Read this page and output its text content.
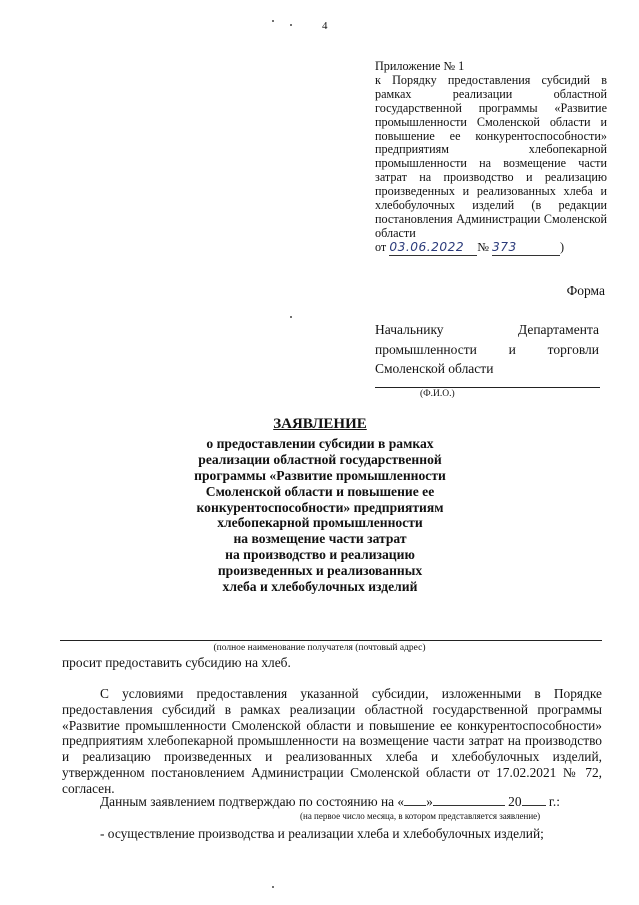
4
Приложение № 1
к Порядку предоставления субсидий в рамках реализации областной государственной программы «Развитие промышленности Смоленской области и повышение ее конкурентоспособности» предприятиям хлебопекарной промышленности на возмещение части затрат на производство и реализацию произведенных и реализованных хлеба и хлебобулочных изделий (в редакции постановления Администрации Смоленской области
от
03.06.2022	№
373	)
Форма
Начальнику Департамента
промышленности и торговли
Смоленской области
(Ф.И.О.)
ЗАЯВЛЕНИЕ
о предоставлении субсидии в рамках
реализации областной государственной
программы «Развитие промышленности
Смоленской области и повышение ее
конкурентоспособности» предприятиям
хлебопекарной промышленности
на возмещение части затрат
на производство и реализацию
произведенных и реализованных
хлеба и хлебобулочных изделий
(полное наименование получателя (почтовый адрес)
просит предоставить субсидию на хлеб.
С условиями предоставления указанной субсидии, изложенными в Порядке предоставления субсидий в рамках реализации областной государственной программы «Развитие промышленности Смоленской области и повышение ее конкурентоспособности» предприятиям хлебопекарной промышленности на возмещение части затрат на производство и реализацию произведенных и реализованных хлеба и хлебобулочных изделий, утвержденном постановлением Администрации Смоленской области от 17.02.2021 № 72, согласен.
Данным заявлением подтверждаю по состоянию на « »	20 г.:
(на первое число месяца, в котором представляется заявление)
- осуществление производства и реализации хлеба и хлебобулочных изделий;
